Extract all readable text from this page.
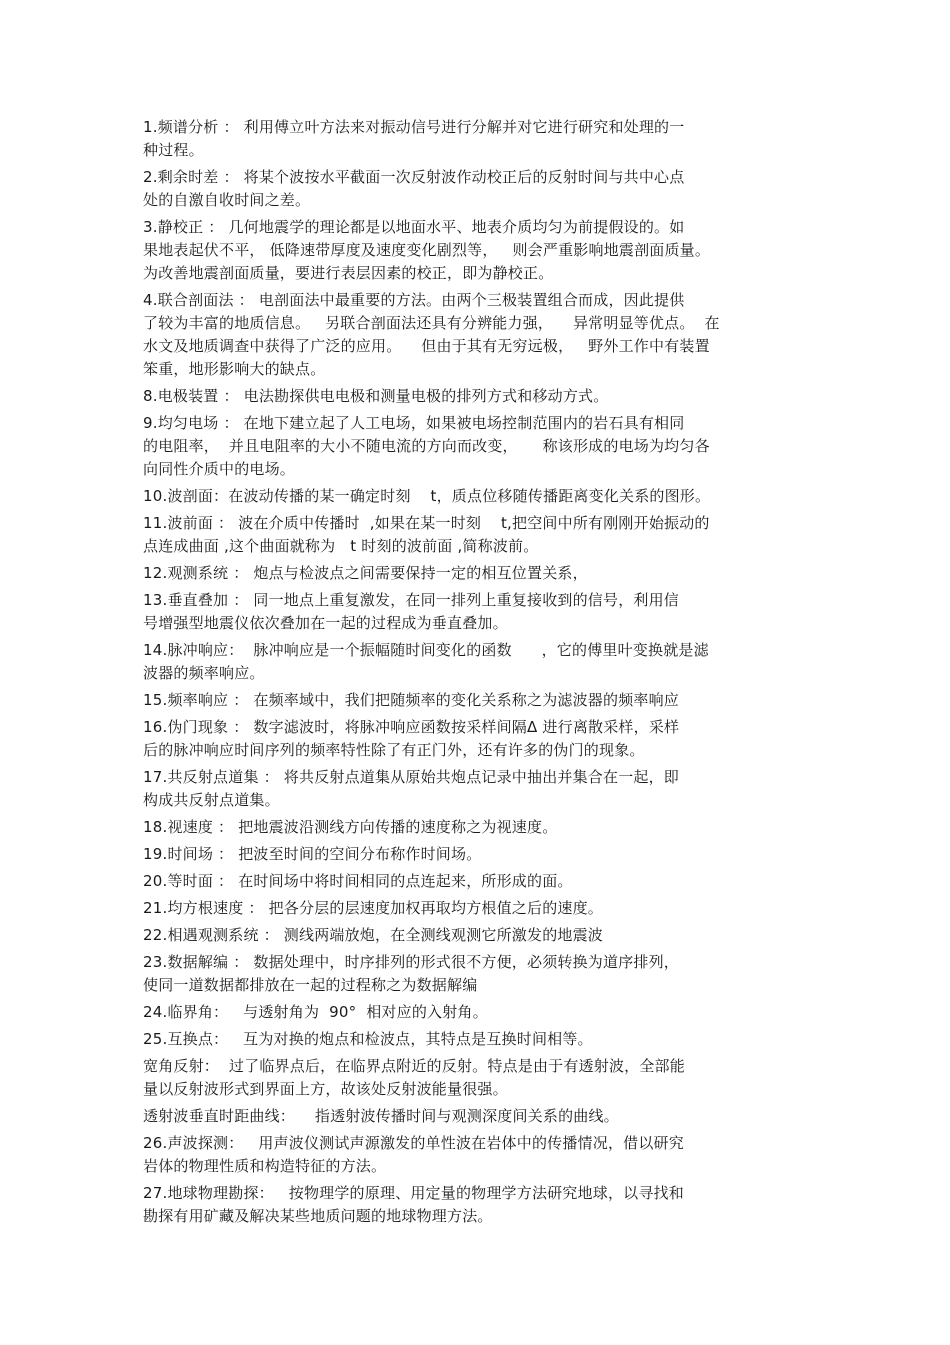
1.频谱分析 ： 利用傅立叶方法来对振动信号进行分解并对它进行研究和处理的一
种过程。
2.剩余时差 ： 将某个波按水平截面一次反射波作动校正后的反射时间与共中心点
处的自激自收时间之差。
3.静校正 ： 几何地震学的理论都是以地面水平、地表介质均匀为前提假设的。如
果地表起伏不平， 低降速带厚度及速度变化剧烈等，   则会严重影响地震剖面质量。
为改善地震剖面质量，要进行表层因素的校正，即为静校正。
4.联合剖面法 ： 电剖面法中最重要的方法。由两个三极装置组合而成，因此提供
了较为丰富的地质信息。   另联合剖面法还具有分辨能力强，    异常明显等优点。  在
水文及地质调查中获得了广泛的应用。    但由于其有无穷远极，   野外工作中有装置
笨重，地形影响大的缺点。
8.电极装置 ： 电法勘探供电电极和测量电极的排列方式和移动方式。
9.均匀电场 ： 在地下建立起了人工电场，如果被电场控制范围内的岩石具有相同
的电阻率，  并且电阻率的大小不随电流的方向而改变，     称该形成的电场为均匀各
向同性介质中的电场。
10.波剖面：在波动传播的某一确定时刻    t，质点位移随传播距离变化关系的图形。
11.波前面 ： 波在介质中传播时  ,如果在某一时刻    t,把空间中所有刚刚开始振动的
点连成曲面 ,这个曲面就称为   t 时刻的波前面 ,简称波前。
12.观测系统 ： 炮点与检波点之间需要保持一定的相互位置关系，
13.垂直叠加 ： 同一地点上重复激发，在同一排列上重复接收到的信号，利用信
号增强型地震仪依次叠加在一起的过程成为垂直叠加。
14.脉冲响应：  脉冲响应是一个振幅随时间变化的函数      ，它的傅里叶变换就是滤
波器的频率响应。
15.频率响应 ： 在频率域中，我们把随频率的变化关系称之为滤波器的频率响应
16.伪门现象 ： 数字滤波时，将脉冲响应函数按采样间隔Δ 进行离散采样，采样
后的脉冲响应时间序列的频率特性除了有正门外，还有许多的伪门的现象。
17.共反射点道集 ： 将共反射点道集从原始共炮点记录中抽出并集合在一起，即
构成共反射点道集。
18.视速度 ： 把地震波沿测线方向传播的速度称之为视速度。
19.时间场 ： 把波至时间的空间分布称作时间场。
20.等时面 ： 在时间场中将时间相同的点连起来，所形成的面。
21.均方根速度 ： 把各分层的层速度加权再取均方根值之后的速度。
22.相遇观测系统 ： 测线两端放炮，在全测线观测它所激发的地震波
23.数据解编 ： 数据处理中，时序排列的形式很不方便，必须转换为道序排列，
使同一道数据都排放在一起的过程称之为数据解编
24.临界角：   与透射角为  90°  相对应的入射角。
25.互换点：   互为对换的炮点和检波点，其特点是互换时间相等。
宽角反射：  过了临界点后，在临界点附近的反射。特点是由于有透射波，全部能
量以反射波形式到界面上方，故该处反射波能量很强。
透射波垂直时距曲线：    指透射波传播时间与观测深度间关系的曲线。
26.声波探测：   用声波仪测试声源激发的单性波在岩体中的传播情况，借以研究
岩体的物理性质和构造特征的方法。
27.地球物理勘探：   按物理学的原理、用定量的物理学方法研究地球，以寻找和
勘探有用矿藏及解决某些地质问题的地球物理方法。
